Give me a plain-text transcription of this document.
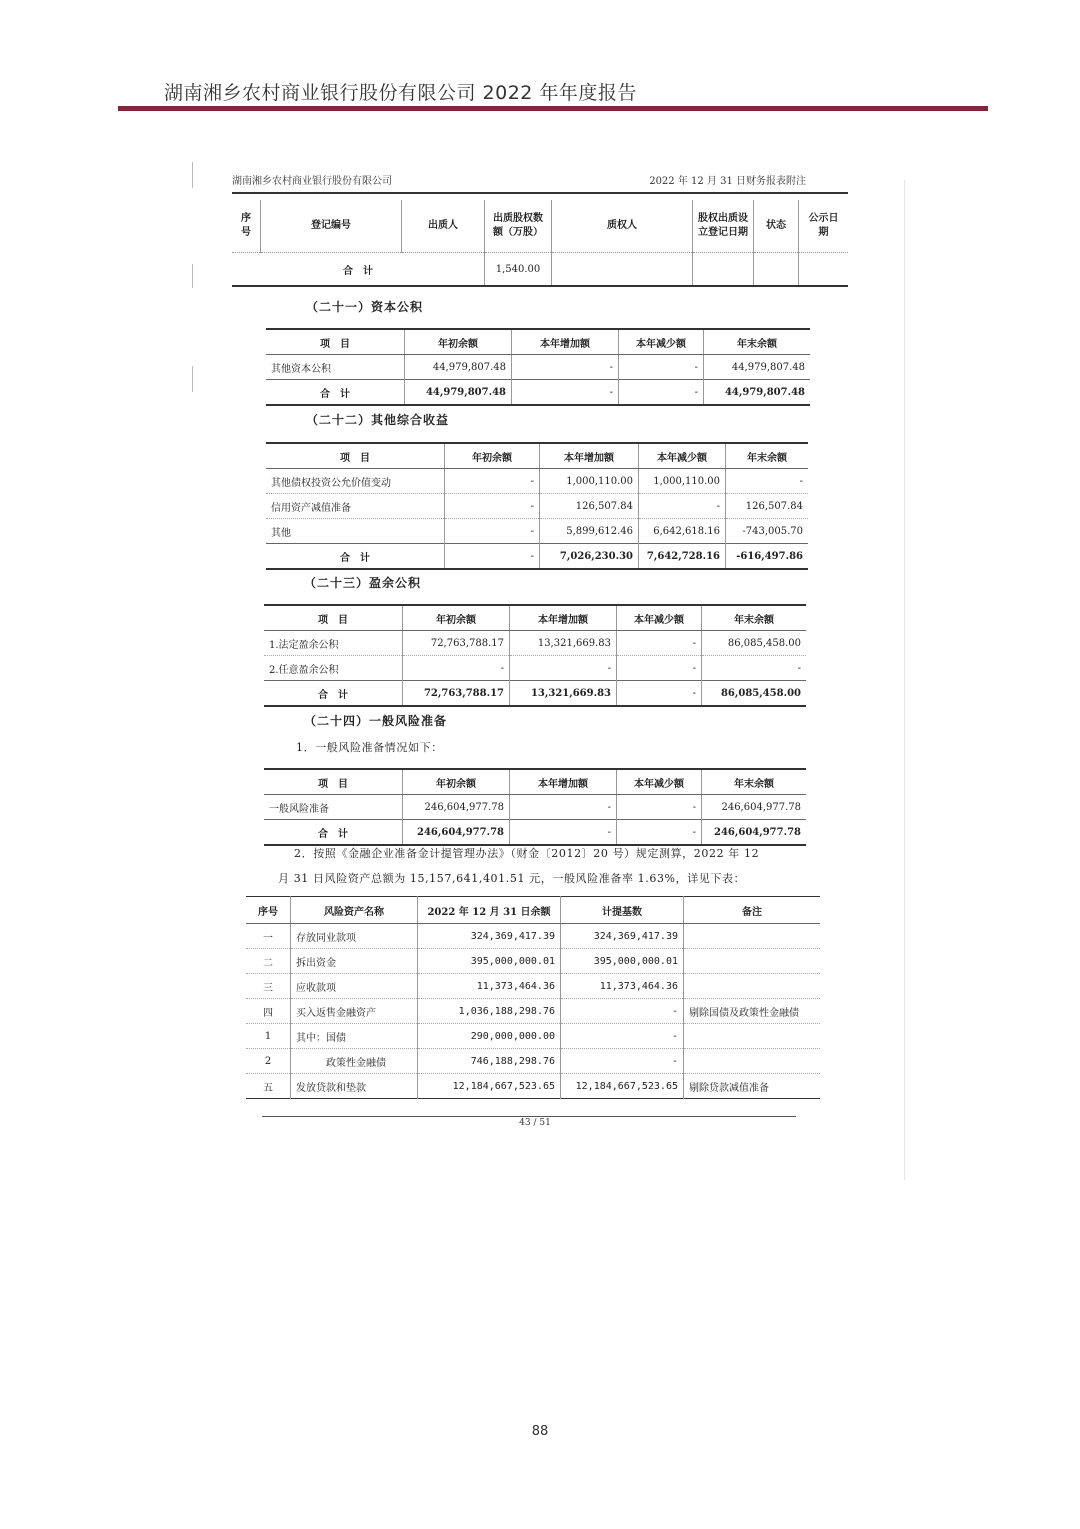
湖南湘乡农村商业银行股份有限公司 2022 年年度报告
湖南湘乡农村商业银行股份有限公司	2022 年 12 月 31 日财务报表附注
序号	登记编号	出质人	出质股权数额（万股）	质权人	股权出质设立登记日期	状态	公示日期
合　计			1,540.00				
（二十一）资本公积
项　目	年初余额	本年增加额	本年减少额	年末余额
其他资本公积	44,979,807.48	-	-	44,979,807.48
合　计	44,979,807.48	-	-	44,979,807.48
（二十二）其他综合收益
项　目	年初余额	本年增加额	本年减少额	年末余额
其他债权投资公允价值变动	-	1,000,110.00	1,000,110.00	-
信用资产减值准备	-	126,507.84	-	126,507.84
其他	-	5,899,612.46	6,642,618.16	-743,005.70
合　计	-	7,026,230.30	7,642,728.16	-616,497.86
（二十三）盈余公积
项　目	年初余额	本年增加额	本年减少额	年末余额
1.法定盈余公积	72,763,788.17	13,321,669.83	-	86,085,458.00
2.任意盈余公积	-	-	-	-
合　计	72,763,788.17	13,321,669.83	-	86,085,458.00
（二十四）一般风险准备
1．一般风险准备情况如下：
项　目	年初余额	本年增加额	本年减少额	年末余额
一般风险准备	246,604,977.78	-	-	246,604,977.78
合　计	246,604,977.78	-	-	246,604,977.78
2．按照《金融企业准备金计提管理办法》（财金〔2012〕20 号）规定测算，2022 年 12
月 31 日风险资产总额为 15,157,641,401.51 元，一般风险准备率 1.63%，详见下表：
序号	风险资产名称	2022 年 12 月 31 日余额	计提基数	备注
一	存放同业款项	324,369,417.39	324,369,417.39	
二	拆出资金	395,000,000.01	395,000,000.01	
三	应收款项	11,373,464.36	11,373,464.36	
四	买入返售金融资产	1,036,188,298.76	-	剔除国债及政策性金融债
1	其中：国债	290,000,000.00	-	
2	　　　政策性金融债	746,188,298.76	-	
五	发放贷款和垫款	12,184,667,523.65	12,184,667,523.65	剔除贷款减值准备
43 / 51
88
